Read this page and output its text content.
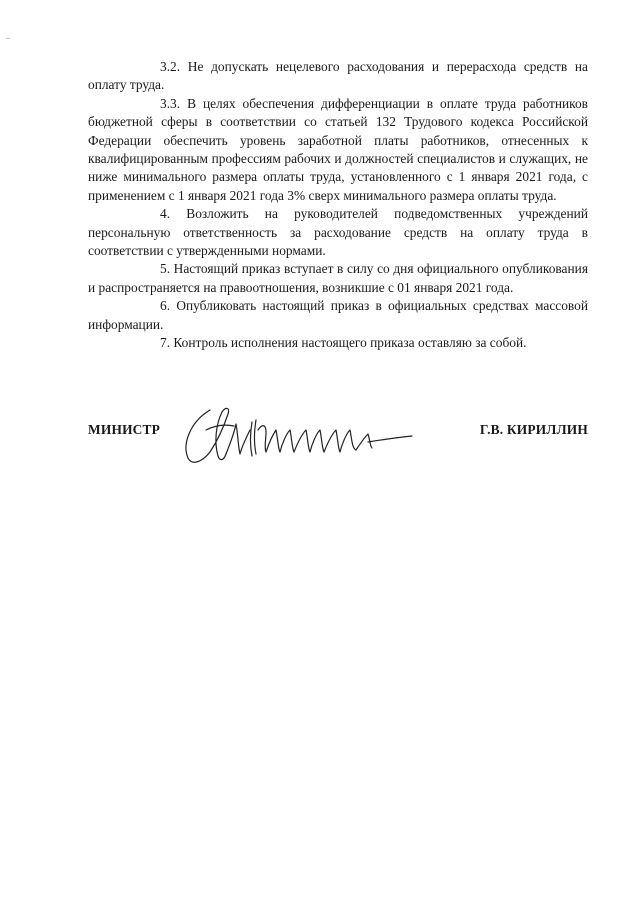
3.2. Не допускать нецелевого расходования и перерасхода средств на оплату труда.

3.3. В целях обеспечения дифференциации в оплате труда работников бюджетной сферы в соответствии со статьей 132 Трудового кодекса Российской Федерации обеспечить уровень заработной платы работников, отнесенных к квалифицированным профессиям рабочих и должностей специалистов и служащих, не ниже минимального размера оплаты труда, установленного с 1 января 2021 года, с применением с 1 января 2021 года 3% сверх минимального размера оплаты труда.

4. Возложить на руководителей подведомственных учреждений персональную ответственность за расходование средств на оплату труда в соответствии с утвержденными нормами.

5. Настоящий приказ вступает в силу со дня официального опубликования и распространяется на правоотношения, возникшие с 01 января 2021 года.

6. Опубликовать настоящий приказ в официальных средствах массовой информации.

7. Контроль исполнения настоящего приказа оставляю за собой.

МИНИСТР	Г.В. КИРИЛЛИН
